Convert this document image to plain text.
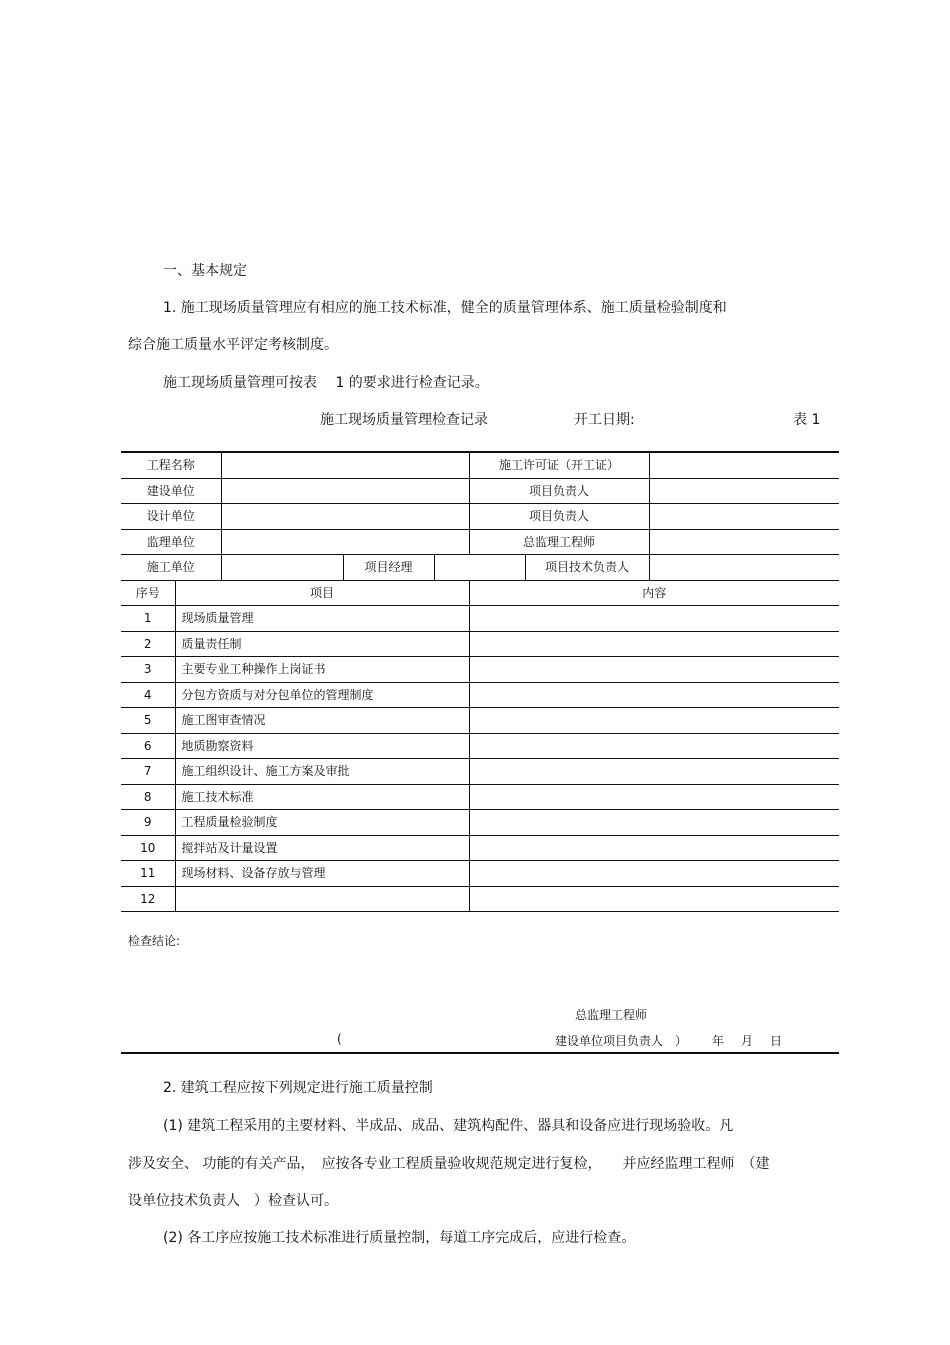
一、基本规定
1. 施工现场质量管理应有相应的施工技术标准，健全的质量管理体系、施工质量检验制度和
综合施工质量水平评定考核制度。
施工现场质量管理可按表　 1 的要求进行检查记录。
施工现场质量管理检查记录	开工日期:	表 1
工程名称					施工许可证（开工证）		
建设单位					项目负责人		
设计单位					项目负责人		
监理单位					总监理工程师		
施工单位			项目经理			项目技术负责人	
序号	项目				内容		
1	现场质量管理						
2	质量责任制						
3	主要专业工种操作上岗证书						
4	分包方资质与对分包单位的管理制度						
5	施工图审查情况						
6	地质勘察资料						
7	施工组织设计、施工方案及审批						
8	施工技术标准						
9	工程质量检验制度						
10	搅拌站及计量设置						
11	现场材料、设备存放与管理						
12							
检查结论:
总监理工程师
(	建设单位项目负责人　） 年 月 日
2. 建筑工程应按下列规定进行施工质量控制
(1) 建筑工程采用的主要材料、半成品、成品、建筑构配件、器具和设备应进行现场验收。凡
涉及安全、 功能的有关产品，　应按各专业工程质量验收规范规定进行复检，　　并应经监理工程师　（建
设单位技术负责人　）检查认可。
(2) 各工序应按施工技术标准进行质量控制，每道工序完成后，应进行检查。
